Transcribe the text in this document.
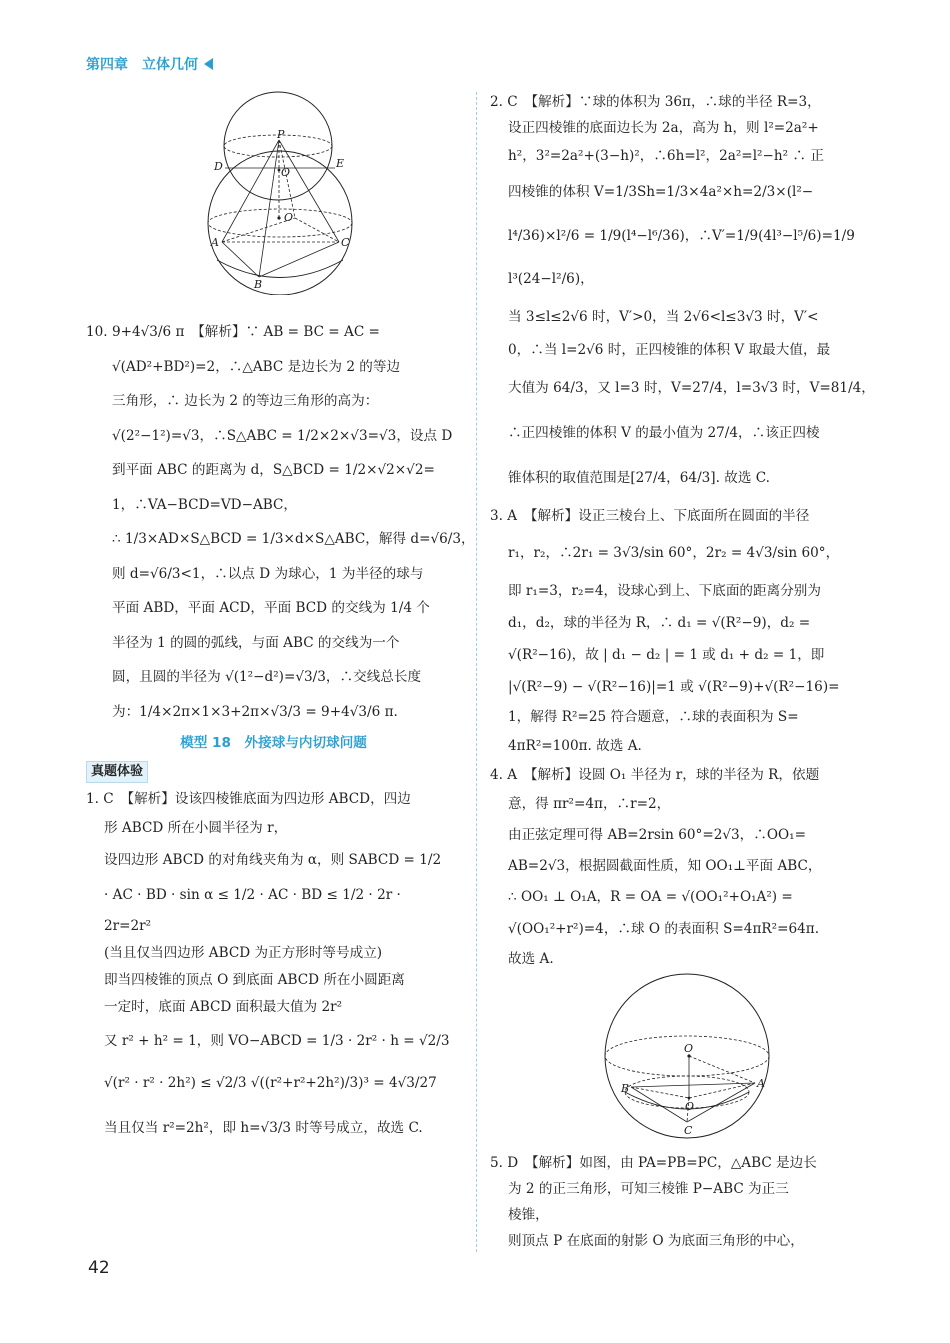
第四章　立体几何
P
D	E
O
O
A	C
B

10. 9+4√3/6 π　【解析】∵ AB = BC = AC =

√(AD²+BD²)=2，∴△ABC 是边长为 2 的等边

三角形，∴ 边长为 2 的等边三角形的高为：

√(2²−1²)=√3，∴S△ABC = 1/2×2×√3=√3，设点 D

到平面 ABC 的距离为 d，S△BCD = 1/2×√2×√2=

1，∴VA−BCD=VD−ABC，

∴ 1/3×AD×S△BCD = 1/3×d×S△ABC，解得 d=√6/3，

则 d=√6/3<1，∴以点 D 为球心，1 为半径的球与

平面 ABD，平面 ACD，平面 BCD 的交线为 1/4 个

半径为 1 的圆的弧线，与面 ABC 的交线为一个

圆，且圆的半径为 √(1²−d²)=√3/3，∴交线总长度

为：1/4×2π×1×3+2π×√3/3 = 9+4√3/6 π.

模型 18　外接球与内切球问题

真题体验

1. C　【解析】设该四棱锥底面为四边形 ABCD，四边

形 ABCD 所在小圆半径为 r，

设四边形 ABCD 的对角线夹角为 α，则 SABCD = 1/2

· AC · BD · sin α ≤ 1/2 · AC · BD ≤ 1/2 · 2r ·

2r=2r²

(当且仅当四边形 ABCD 为正方形时等号成立)

即当四棱锥的顶点 O 到底面 ABCD 所在小圆距离

一定时，底面 ABCD 面积最大值为 2r²

又 r² + h² = 1，则 VO−ABCD = 1/3 · 2r² · h = √2/3

√(r² · r² · 2h²) ≤ √2/3 √((r²+r²+2h²)/3)³ = 4√3/27

当且仅当 r²=2h²，即 h=√3/3 时等号成立，故选 C.

2. C　【解析】∵球的体积为 36π，∴球的半径 R=3，

设正四棱锥的底面边长为 2a，高为 h，则 l²=2a²+

h²，3²=2a²+(3−h)²，∴6h=l²，2a²=l²−h² ∴ 正

四棱锥的体积 V=1/3Sh=1/3×4a²×h=2/3×(l²−

l⁴/36)×l²/6 = 1/9(l⁴−l⁶/36)，∴V′=1/9(4l³−l⁵/6)=1/9

l³(24−l²/6)，

当 3≤l≤2√6 时，V′>0，当 2√6<l≤3√3 时，V′<

0，∴当 l=2√6 时，正四棱锥的体积 V 取最大值，最

大值为 64/3，又 l=3 时，V=27/4，l=3√3 时，V=81/4，

∴正四棱锥的体积 V 的最小值为 27/4，∴该正四棱

锥体积的取值范围是[27/4，64/3]. 故选 C.

3. A　【解析】设正三棱台上、下底面所在圆面的半径

r₁，r₂，∴2r₁ = 3√3/sin 60°，2r₂ = 4√3/sin 60°，

即 r₁=3，r₂=4，设球心到上、下底面的距离分别为

d₁，d₂，球的半径为 R，∴ d₁ = √(R²−9)，d₂ =

√(R²−16)，故 | d₁ − d₂ | = 1 或 d₁ + d₂ = 1，即

|√(R²−9) − √(R²−16)|=1 或 √(R²−9)+√(R²−16)=

1，解得 R²=25 符合题意，∴球的表面积为 S=

4πR²=100π. 故选 A.

4. A　【解析】设圆 O₁ 半径为 r，球的半径为 R，依题

意，得 πr²=4π，∴r=2，

由正弦定理可得 AB=2rsin 60°=2√3，∴OO₁=

AB=2√3，根据圆截面性质，知 OO₁⊥平面 ABC，

∴ OO₁ ⊥ O₁A，R = OA = √(OO₁²+O₁A²) =

√(OO₁²+r²)=4，∴球 O 的表面积 S=4πR²=64π.

故选 A.

O
B	A
O
C

5. D　【解析】如图，由 PA=PB=PC，△ABC 是边长

为 2 的正三角形，可知三棱锥 P−ABC 为正三

棱锥，

则顶点 P 在底面的射影 O 为底面三角形的中心，

42
